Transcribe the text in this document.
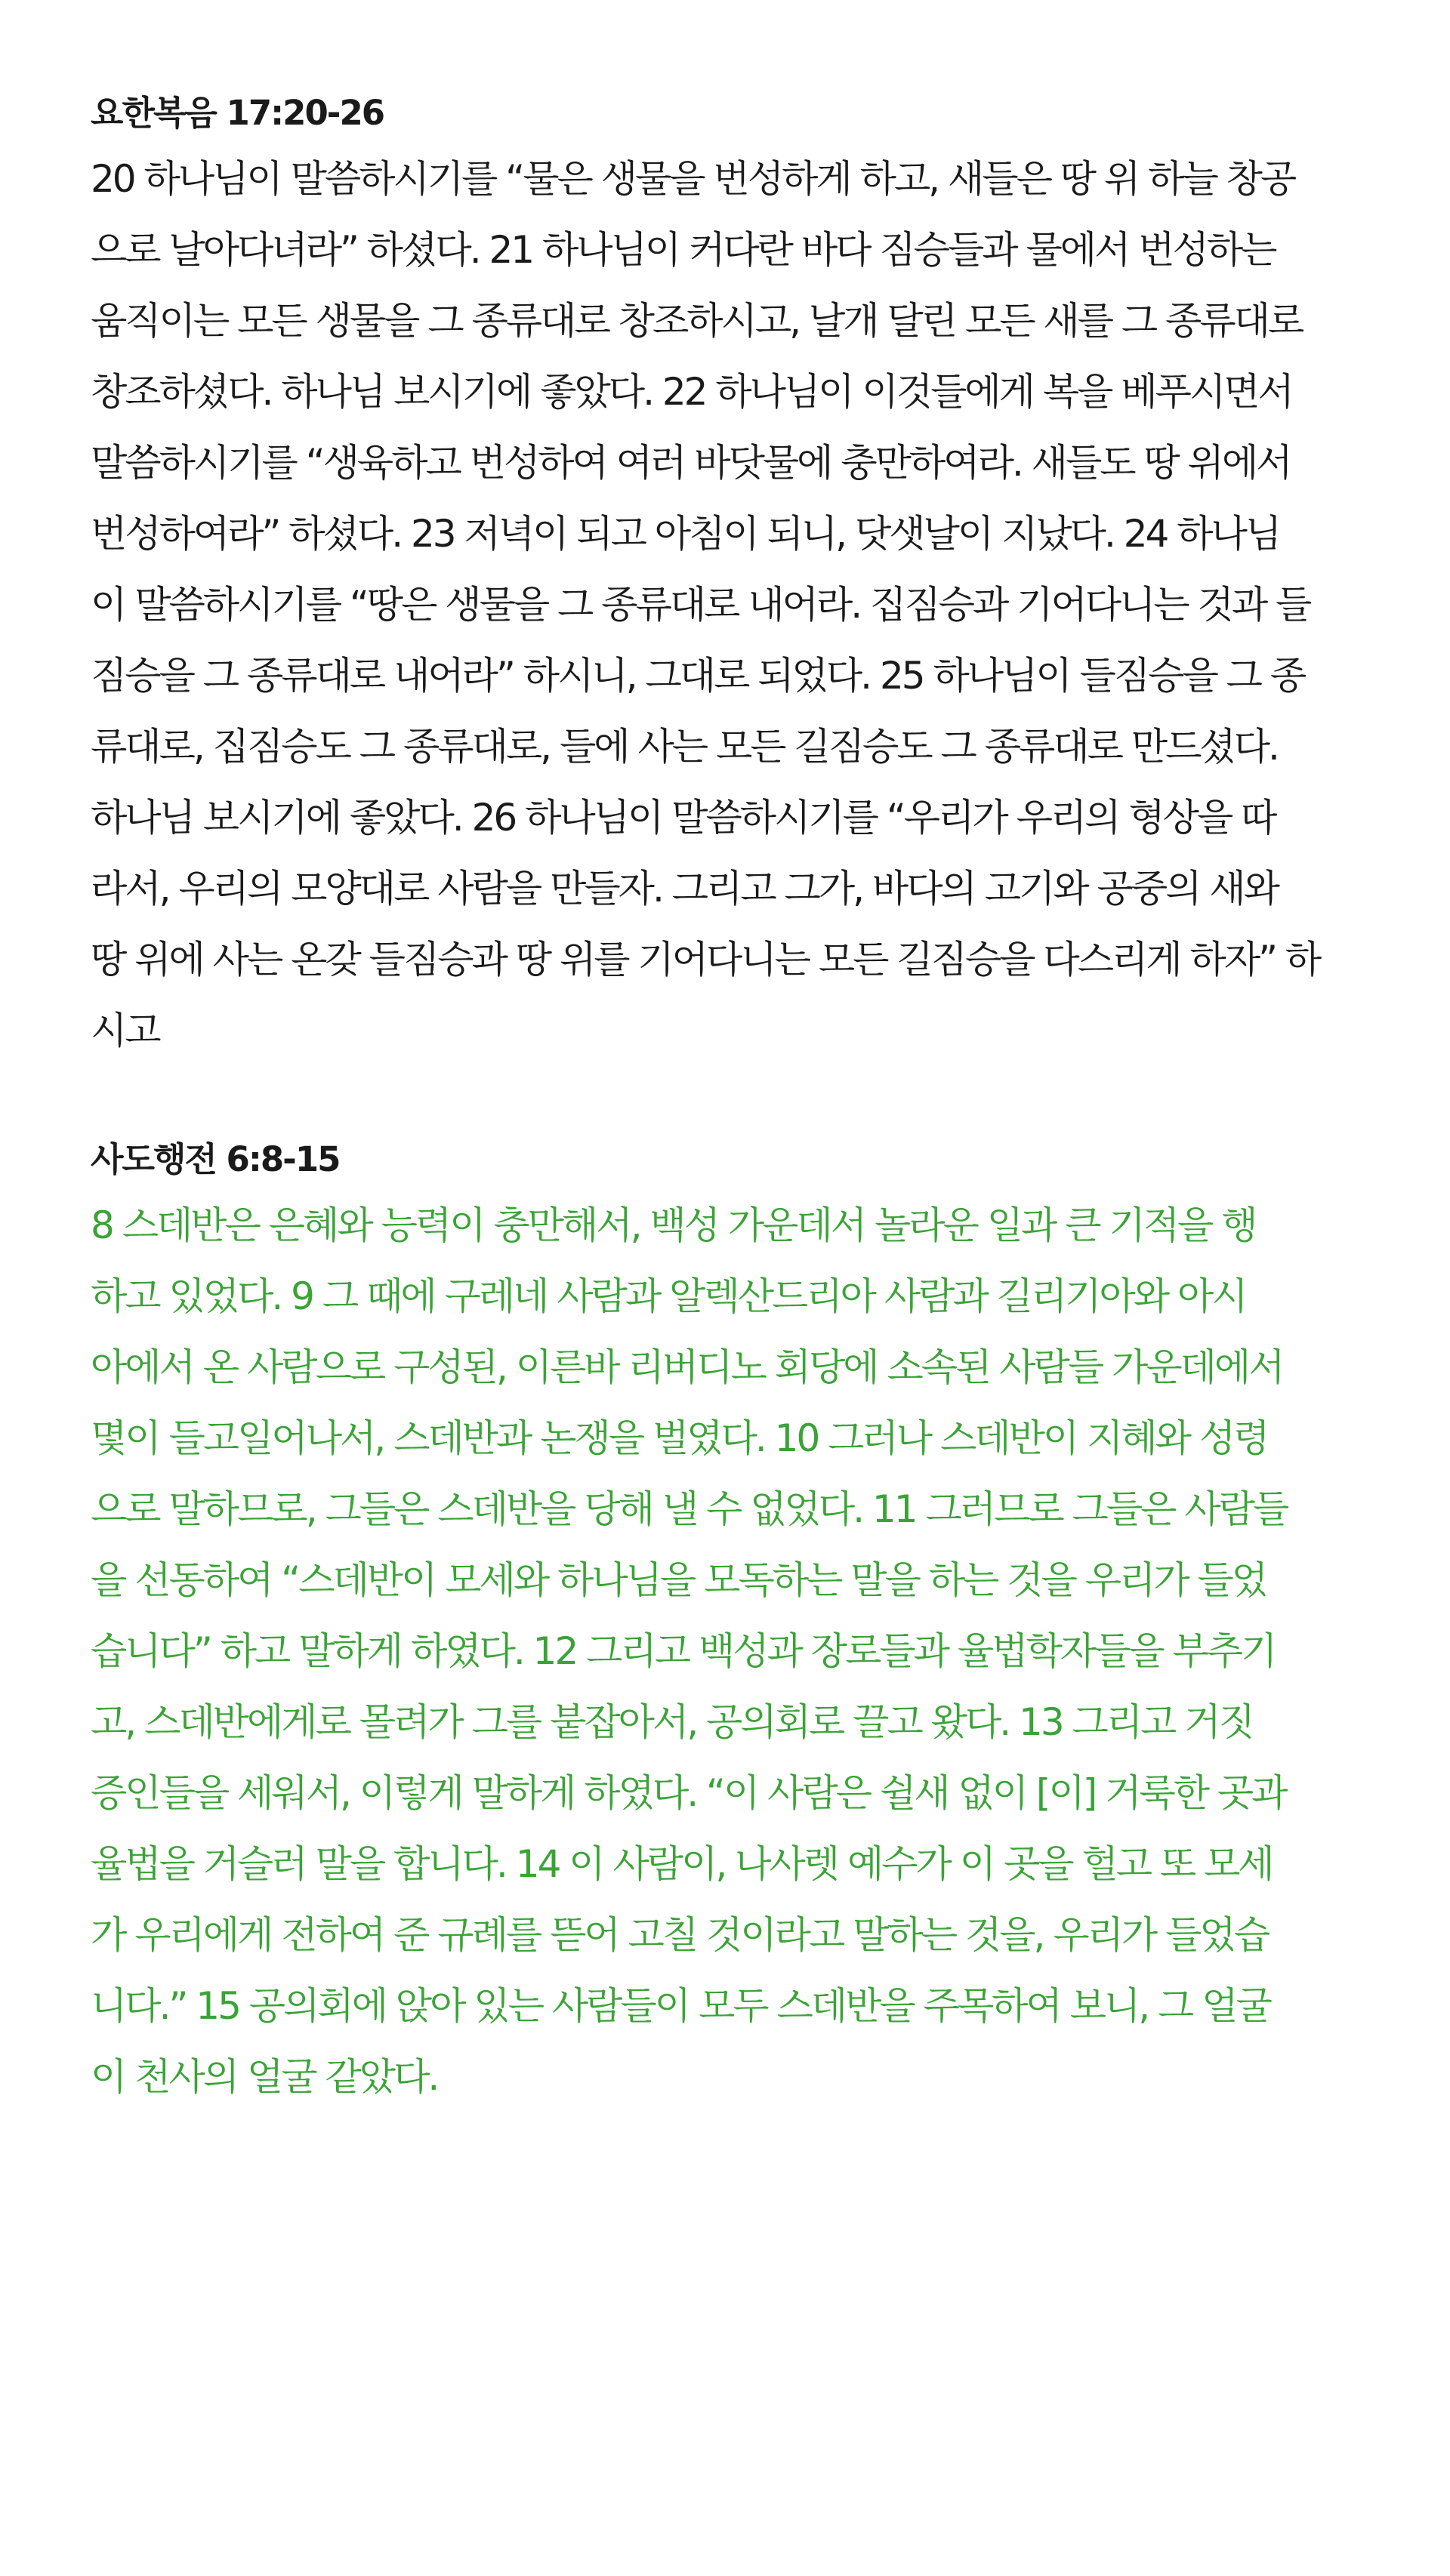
요한복음 17:20-26
20 하나님이 말씀하시기를 “물은 생물을 번성하게 하고, 새들은 땅 위 하늘 창공
으로 날아다녀라” 하셨다. 21 하나님이 커다란 바다 짐승들과 물에서 번성하는
움직이는 모든 생물을 그 종류대로 창조하시고, 날개 달린 모든 새를 그 종류대로
창조하셨다. 하나님 보시기에 좋았다. 22 하나님이 이것들에게 복을 베푸시면서
말씀하시기를 “생육하고 번성하여 여러 바닷물에 충만하여라. 새들도 땅 위에서
번성하여라” 하셨다. 23 저녁이 되고 아침이 되니, 닷샛날이 지났다. 24 하나님
이 말씀하시기를 “땅은 생물을 그 종류대로 내어라. 집짐승과 기어다니는 것과 들
짐승을 그 종류대로 내어라” 하시니, 그대로 되었다. 25 하나님이 들짐승을 그 종
류대로, 집짐승도 그 종류대로, 들에 사는 모든 길짐승도 그 종류대로 만드셨다.
하나님 보시기에 좋았다. 26 하나님이 말씀하시기를 “우리가 우리의 형상을 따
라서, 우리의 모양대로 사람을 만들자. 그리고 그가, 바다의 고기와 공중의 새와
땅 위에 사는 온갖 들짐승과 땅 위를 기어다니는 모든 길짐승을 다스리게 하자” 하
시고
사도행전 6:8-15
8 스데반은 은혜와 능력이 충만해서, 백성 가운데서 놀라운 일과 큰 기적을 행
하고 있었다. 9 그 때에 구레네 사람과 알렉산드리아 사람과 길리기아와 아시
아에서 온 사람으로 구성된, 이른바 리버디노 회당에 소속된 사람들 가운데에서
몇이 들고일어나서, 스데반과 논쟁을 벌였다. 10 그러나 스데반이 지혜와 성령
으로 말하므로, 그들은 스데반을 당해 낼 수 없었다. 11 그러므로 그들은 사람들
을 선동하여 “스데반이 모세와 하나님을 모독하는 말을 하는 것을 우리가 들었
습니다” 하고 말하게 하였다. 12 그리고 백성과 장로들과 율법학자들을 부추기
고, 스데반에게로 몰려가 그를 붙잡아서, 공의회로 끌고 왔다. 13 그리고 거짓
증인들을 세워서, 이렇게 말하게 하였다. “이 사람은 쉴새 없이 [이] 거룩한 곳과
율법을 거슬러 말을 합니다. 14 이 사람이, 나사렛 예수가 이 곳을 헐고 또 모세
가 우리에게 전하여 준 규례를 뜯어 고칠 것이라고 말하는 것을, 우리가 들었습
니다.” 15 공의회에 앉아 있는 사람들이 모두 스데반을 주목하여 보니, 그 얼굴
이 천사의 얼굴 같았다.
